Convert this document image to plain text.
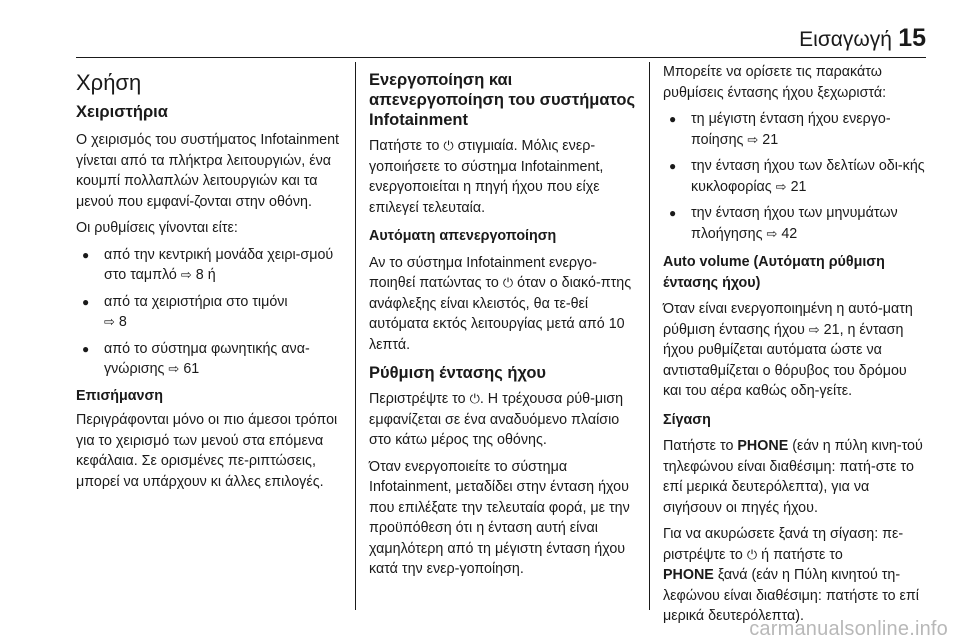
Εισαγωγή 15
Χρήση
Χειριστήρια

Ο χειρισμός του συστήματος Infotainment γίνεται από τα πλήκτρα λειτουργιών, ένα κουμπί πολλαπλών λειτουργιών και τα μενού που εμφανί-ζονται στην οθόνη.

Οι ρυθμίσεις γίνονται είτε:

● από την κεντρική μονάδα χειρι-σμού στο ταμπλό ⇨ 8 ή
● από τα χειριστήρια στο τιμόνι
⇨ 8
● από το σύστημα φωνητικής ανα-γνώρισης ⇨ 61

Επισήμανση

Περιγράφονται μόνο οι πιο άμεσοι τρόποι για το χειρισμό των μενού στα επόμενα κεφάλαια. Σε ορισμένες πε-ριπτώσεις, μπορεί να υπάρχουν κι άλλες επιλογές.

Ενεργοποίηση και απενεργοποίηση του συστήματος Infotainment

Πατήστε το ⏻ στιγμιαία. Μόλις ενερ-γοποιήσετε το σύστημα Infotainment, ενεργοποιείται η πηγή ήχου που είχε επιλεγεί τελευταία.

Αυτόματη απενεργοποίηση

Αν το σύστημα Infotainment ενεργο-ποιηθεί πατώντας το ⏻ όταν ο διακό-πτης ανάφλεξης είναι κλειστός, θα τε-θεί αυτόματα εκτός λειτουργίας μετά από 10 λεπτά.

Ρύθμιση έντασης ήχου

Περιστρέψτε το ⏻. Η τρέχουσα ρύθ-μιση εμφανίζεται σε ένα αναδυόμενο πλαίσιο στο κάτω μέρος της οθόνης.

Όταν ενεργοποιείτε το σύστημα Infotainment, μεταδίδει στην ένταση ήχου που επιλέξατε την τελευταία φορά, με την προϋπόθεση ότι η ένταση αυτή είναι χαμηλότερη από τη μέγιστη ένταση ήχου κατά την ενερ-γοποίηση.

Μπορείτε να ορίσετε τις παρακάτω ρυθμίσεις έντασης ήχου ξεχωριστά:

● τη μέγιστη ένταση ήχου ενεργο-ποίησης ⇨ 21
● την ένταση ήχου των δελτίων οδι-κής κυκλοφορίας ⇨ 21
● την ένταση ήχου των μηνυμάτων πλοήγησης ⇨ 42

Auto volume (Αυτόματη ρύθμιση έντασης ήχου)

Όταν είναι ενεργοποιημένη η αυτό-ματη ρύθμιση έντασης ήχου ⇨ 21, η ένταση ήχου ρυθμίζεται αυτόματα ώστε να αντισταθμίζεται ο θόρυβος του δρόμου και του αέρα καθώς οδη-γείτε.

Σίγαση

Πατήστε το PHONE (εάν η πύλη κινη-τού τηλεφώνου είναι διαθέσιμη: πατή-στε το επί μερικά δευτερόλεπτα), για να σιγήσουν οι πηγές ήχου.

Για να ακυρώσετε ξανά τη σίγαση: πε-ριστρέψτε το ⏻ ή πατήστε το
PHONE ξανά (εάν η Πύλη κινητού τη-λεφώνου είναι διαθέσιμη: πατήστε το επί μερικά δευτερόλεπτα).

carmanualsonline.info
